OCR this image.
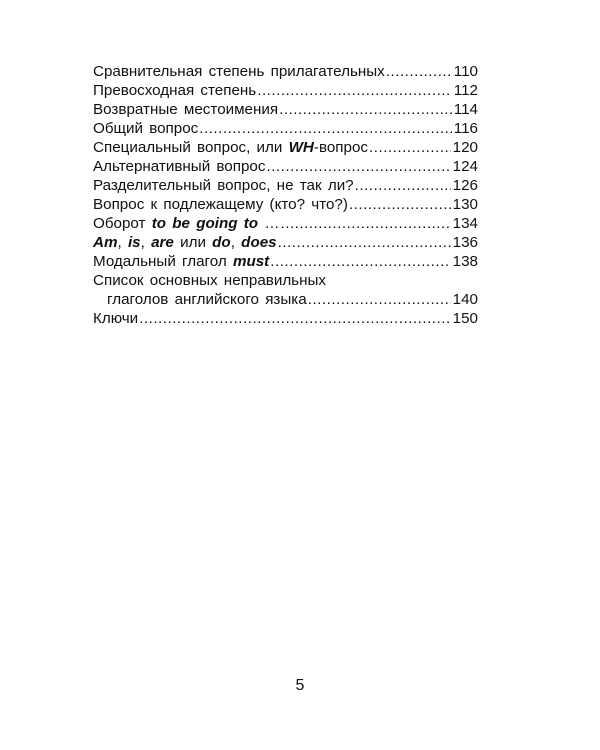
Сравнительная степень прилагательных .....	110
Превосходная степень .....	112
Возвратные местоимения .....	114
Общий вопрос .....	116
Специальный вопрос, или WH-вопрос .....	120
Альтернативный вопрос .....	124
Разделительный вопрос, не так ли? .....	126
Вопрос к подлежащему (кто? что?) .....	130
Оборот to be going to … .....	134
Am, is, are или do, does .....	136
Модальный глагол must .....	138
Список основных неправильных
глаголов английского языка .....	140
Ключи .....	150
5
